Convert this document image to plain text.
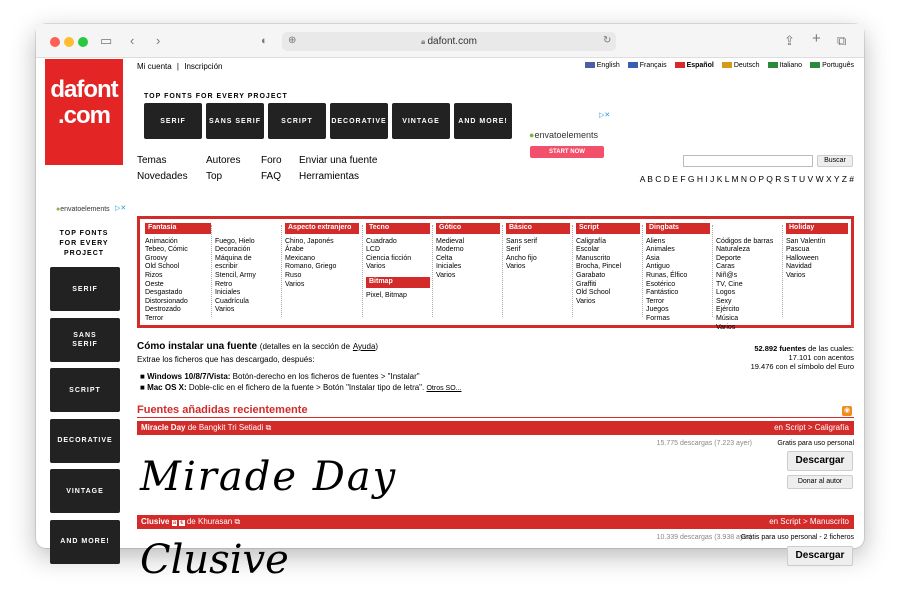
▭ ‹ ›	◐	🔒︎ dafont.com
⊕	↻	⇪ + ⧉
dafont
.com
Mi cuenta | Inscripción	English	Français	Español	Deutsch	Italiano	Português
TOP FONTS FOR EVERY PROJECT
SERIF	SANS SERIF	SCRIPT	DECORATIVE	VINTAGE	AND MORE!
●envatoelements
START NOW
▷✕
●envatoelements ▷✕
TOP FONTS FOR EVERY PROJECT
SERIF
SANS SERIF
SCRIPT
DECORATIVE
VINTAGE
AND MORE!
Temas	Autores Foro Enviar una fuente
Novedades Top	FAQ Herramientas
Buscar
A B C D E F G H I J K L M N O P Q R S T U V W X Y Z #
Fantasía
Animación
Tebeo, Cómic
Groovy
Old School
Rizos
Oeste
Desgastado
Distorsionado
Destrozado
Terror

Fuego, Hielo
Decoración
Máquina de
escribir
Stencil, Army
Retro
Iniciales
Cuadrícula
Varios
Aspecto extranjero
Chino, Japonés
Árabe
Mexicano
Romano, Griego
Ruso
Varios
Tecno
Cuadrado
LCD
Ciencia ficción
Varios
Bitmap
Pixel, Bitmap
Gótico
Medieval
Moderno
Celta
Iniciales
Varios
Básico
Sans serif
Serif
Ancho fijo
Varios
Script
Caligrafía
Escolar
Manuscrito
Brocha, Pincel
Garabato
Graffiti
Old School
Varios
Dingbats
Aliens
Animales
Asia
Antiguo
Runas, Élfico
Esotérico
Fantástico
Terror
Juegos
Formas

Códigos de barras
Naturaleza
Deporte
Caras
Niñ@s
TV, Cine
Logos
Sexy
Ejército
Música
Varios
Holiday
San Valentín
Pascua
Halloween
Navidad
Varios
Cómo instalar una fuente (detalles en la sección de Ayuda)
Extrae los ficheros que has descargado, después:
■ Windows 10/8/7/Vista: Botón-derecho en los ficheros de fuentes > "Instalar"
■ Mac OS X: Doble-clic en el fichero de la fuente > Botón "Instalar tipo de letra". Otros SO...
52.892 fuentes de las cuales:
17.101 con acentos
19.476 con el símbolo del Euro
Fuentes añadidas recientemente	◉
Miracle Day de Bangkit Tri Setiadi ⧉	en Script > Caligrafía
15.775 descargas (7.223 ayer)	Gratis para uso personal
Mirade Day	Descargar
Donar al autor
Clusive á € de Khurasan ⧉	en Script > Manuscrito
10.339 descargas (3.938 ayer)
Gratis para uso personal - 2 ficheros
Clusive	Descargar
